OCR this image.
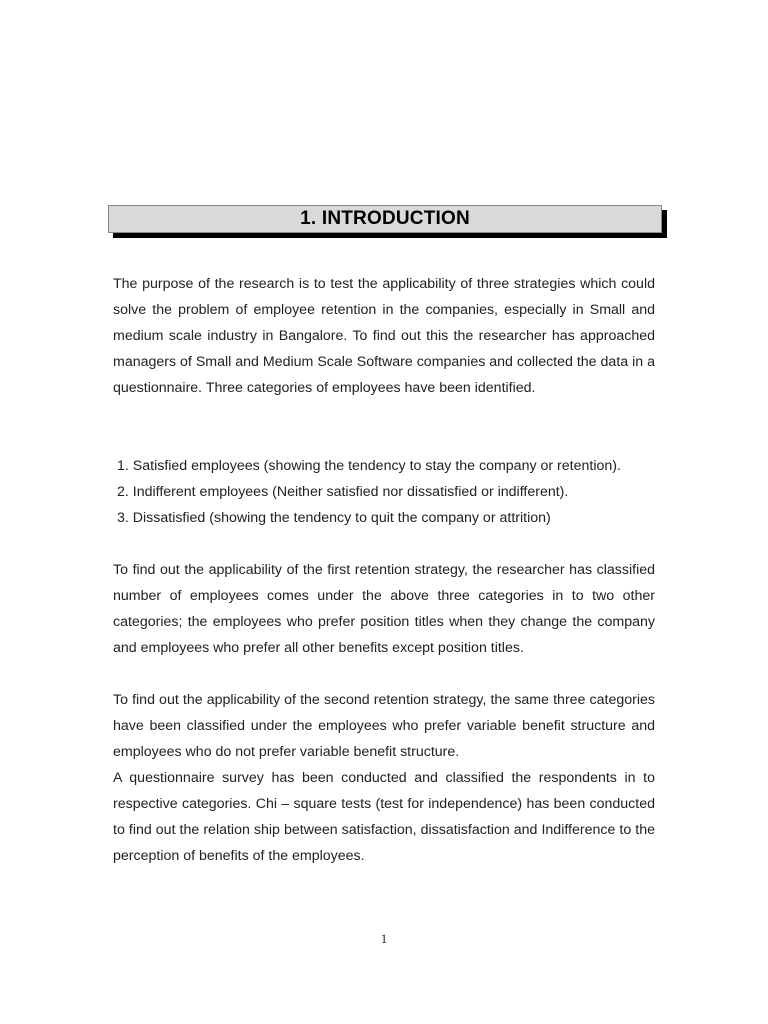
1. INTRODUCTION

The purpose of the research is to test the applicability of three strategies which could solve the problem of employee retention in the companies, especially in Small and medium scale industry in Bangalore. To find out this the researcher has approached managers of Small and Medium Scale Software companies and collected the data in a questionnaire. Three categories of employees have been identified.

1. Satisfied employees (showing the tendency to stay the company or retention).
2. Indifferent employees (Neither satisfied nor dissatisfied or indifferent).
3. Dissatisfied (showing the tendency to quit the company or attrition)

To find out the applicability of the first retention strategy, the researcher has classified number of employees comes under the above three categories in to two other categories; the employees who prefer position titles when they change the company and employees who prefer all other benefits except position titles.

To find out the applicability of the second retention strategy, the same three categories have been classified under the employees who prefer variable benefit structure and employees who do not prefer variable benefit structure.
A questionnaire survey has been conducted and classified the respondents in to respective categories. Chi – square tests (test for independence) has been conducted to find out the relation ship between satisfaction, dissatisfaction and Indifference to the perception of benefits of the employees.
1
